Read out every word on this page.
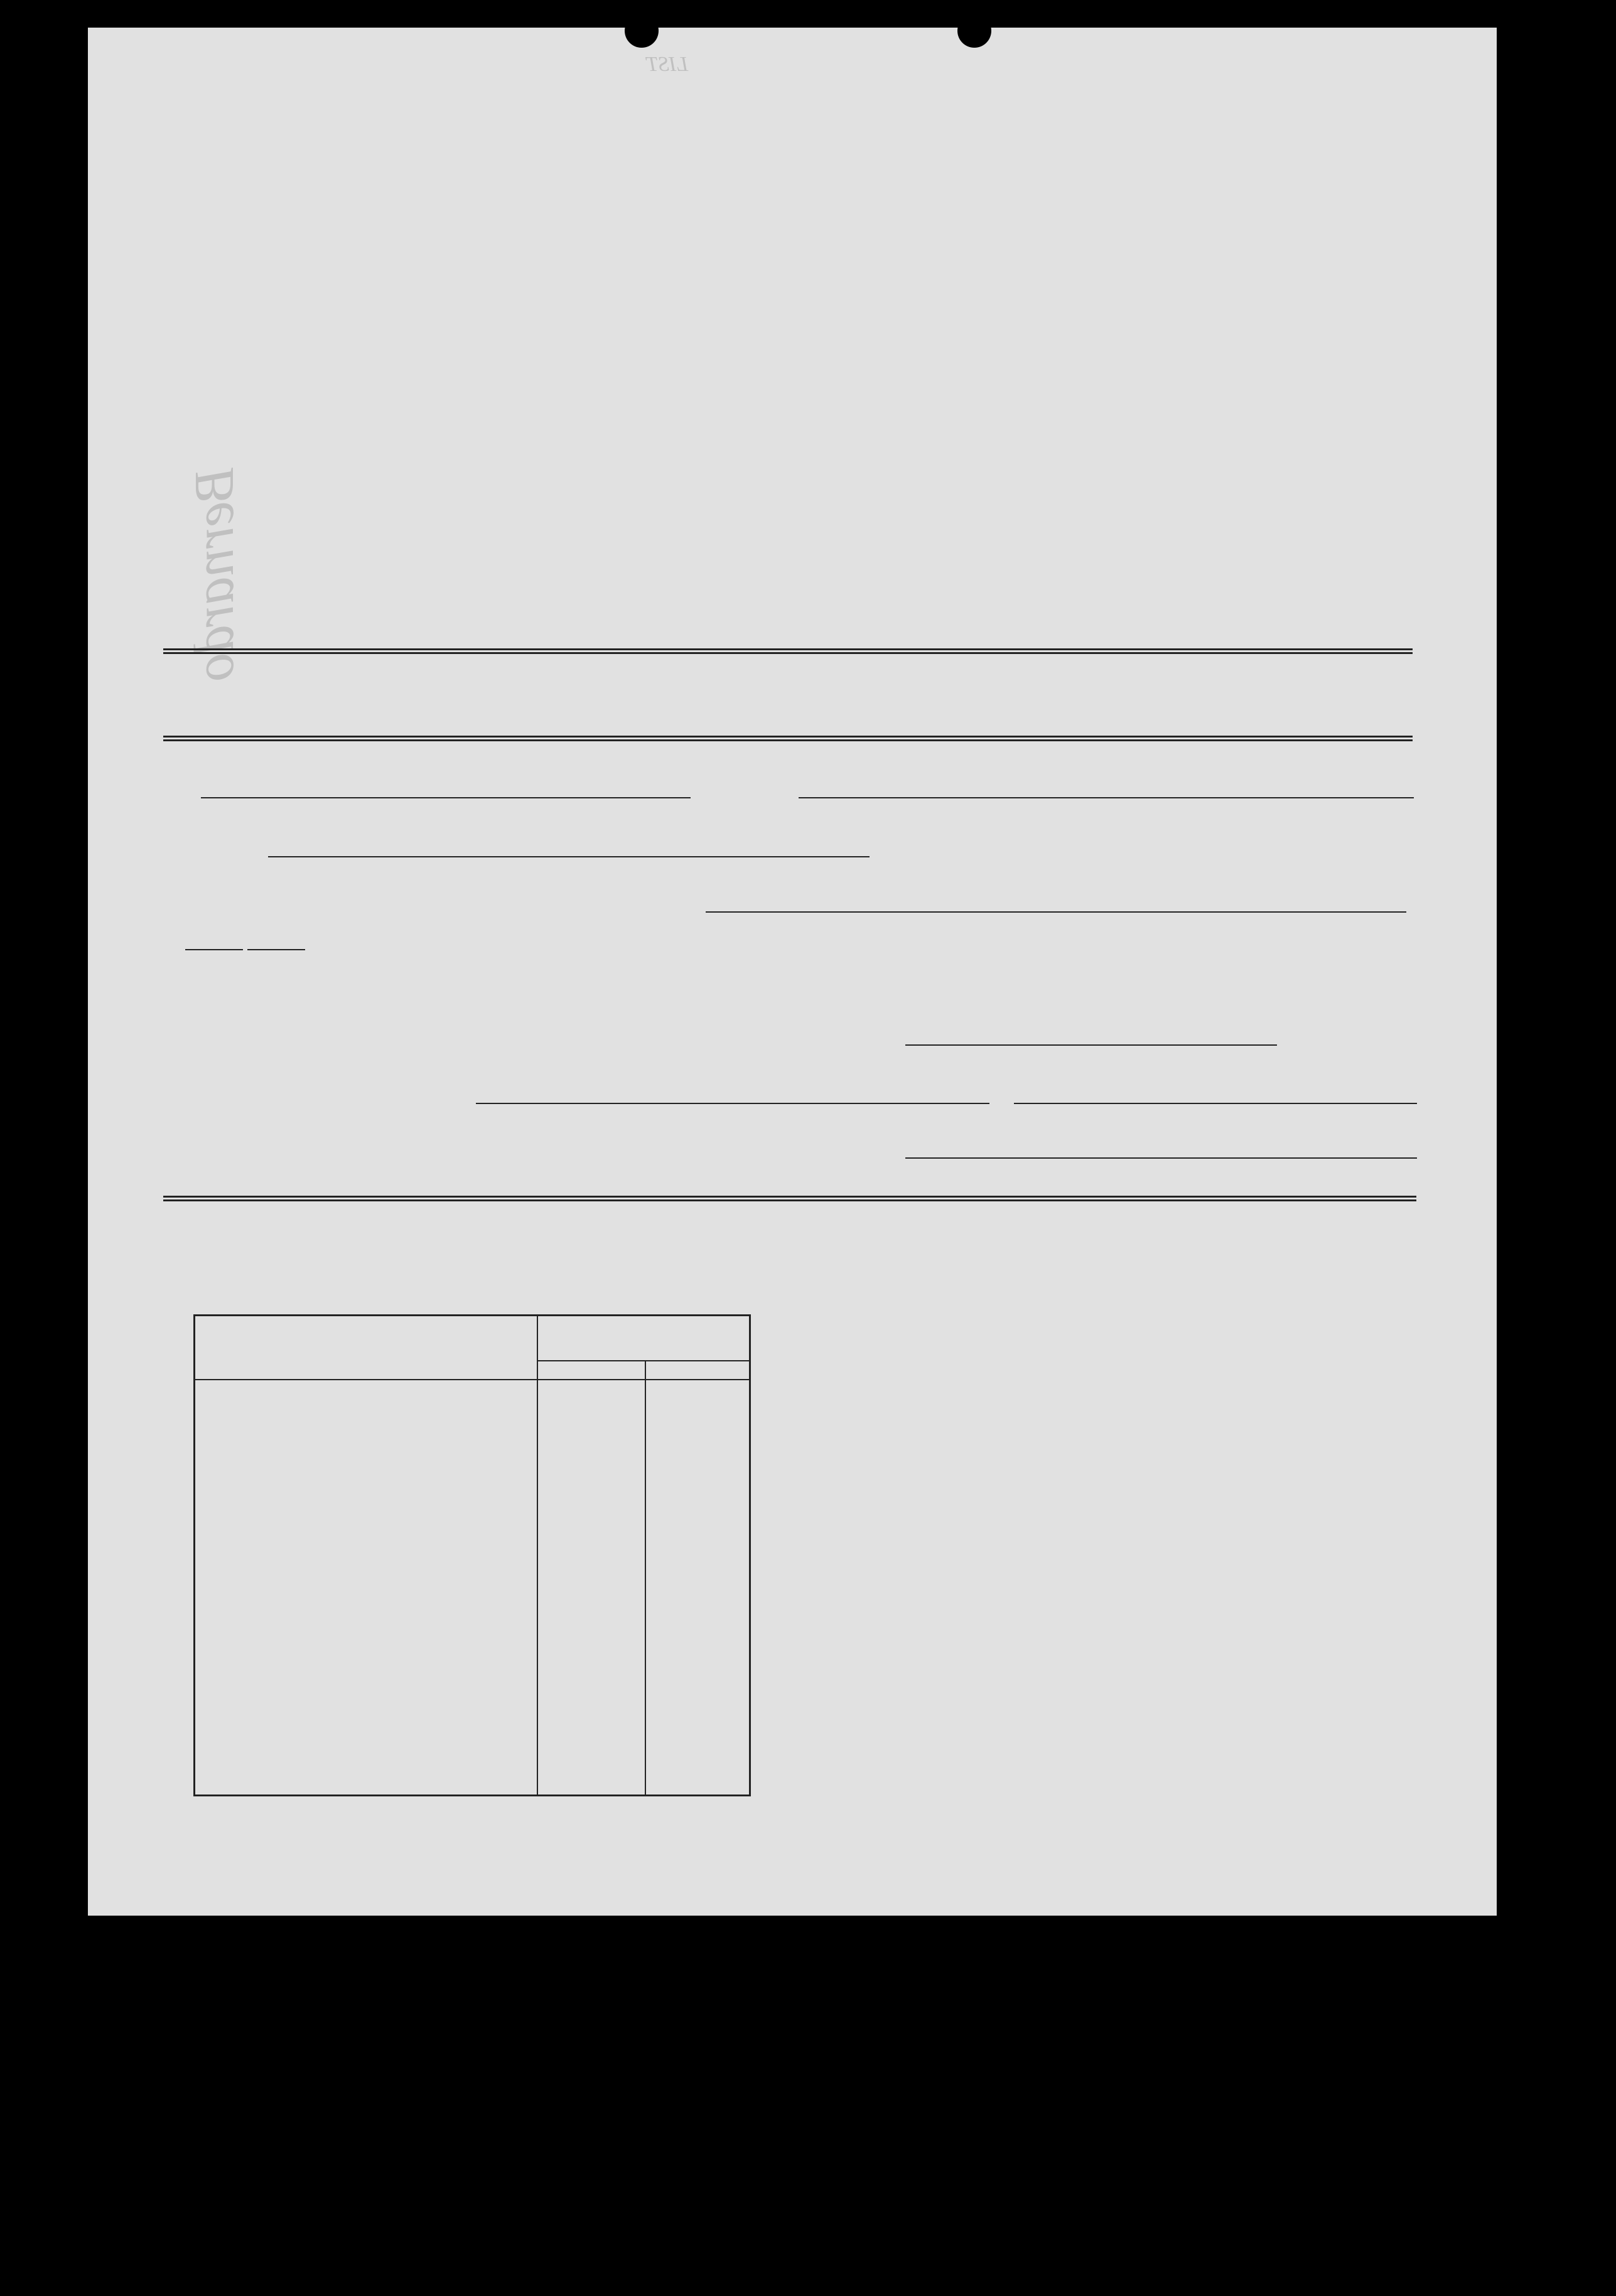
LIST
Bernardo
